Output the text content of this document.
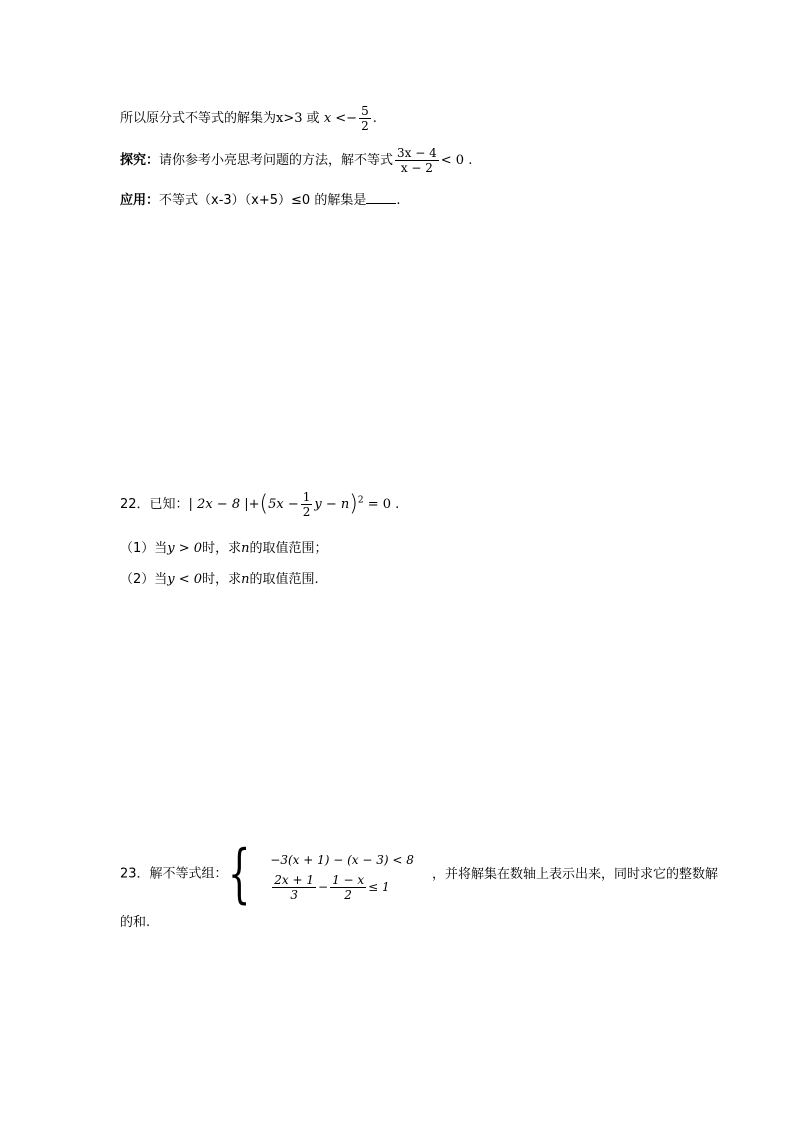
所以原分式不等式的解集为x>3 或 $x <- \frac{5}{2}$ .
探究：请你参考小亮思考问题的方法，解不等式 $\frac{3x - 4}{x - 2} < 0$ .
应用：不等式（x-3）（x+5）≤0 的解集是 .
22．已知：| 2x − 8 $|+(5x - \frac{1}{2}$ $y - n)^2 = 0$ .
（1）当y > 0时，求n的取值范围；
（2）当y < 0时，求n的取值范围.
23．解不等式组：{ −3(x + 1) − (x − 3) < 8
$\frac{2x + 1}{3} - \frac{1 - x}{2} \le 1$
，并将解集在数轴上表示出来，同时求它的整数解
的和.
